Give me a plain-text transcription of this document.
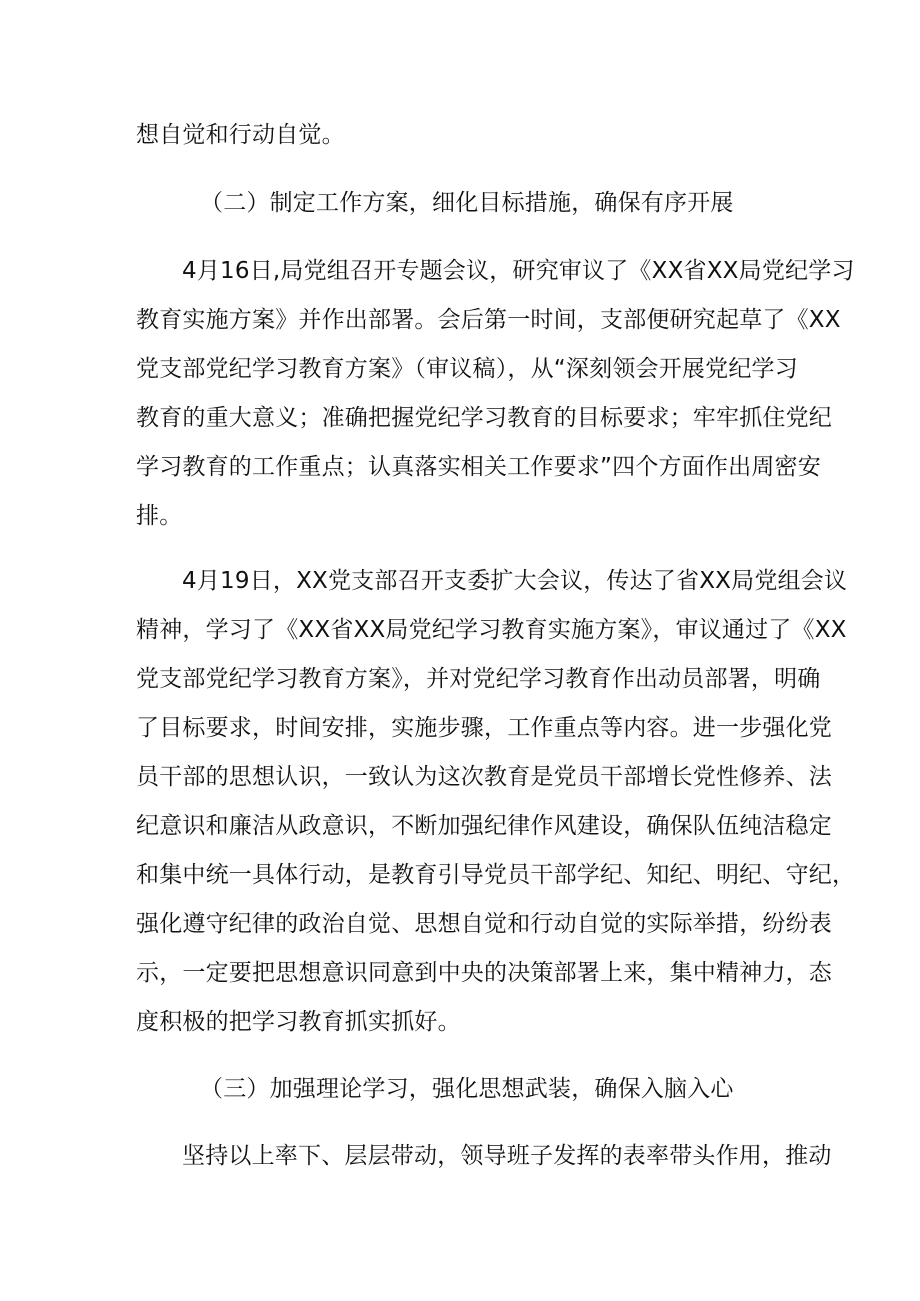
想自觉和行动自觉。
（二）制定工作方案，细化目标措施，确保有序开展
4月16日,局党组召开专题会议，研究审议了《XX省XX局党纪学习
教育实施方案》并作出部署。会后第一时间，支部便研究起草了《XX
党支部党纪学习教育方案》（审议稿），从“深刻领会开展党纪学习
教育的重大意义；准确把握党纪学习教育的目标要求；牢牢抓住党纪
学习教育的工作重点；认真落实相关工作要求”四个方面作出周密安
排。
4月19日，XX党支部召开支委扩大会议，传达了省XX局党组会议
精神，学习了《XX省XX局党纪学习教育实施方案》，审议通过了《XX
党支部党纪学习教育方案》，并对党纪学习教育作出动员部署，明确
了目标要求，时间安排，实施步骤，工作重点等内容。进一步强化党
员干部的思想认识，一致认为这次教育是党员干部增长党性修养、法
纪意识和廉洁从政意识，不断加强纪律作风建设，确保队伍纯洁稳定
和集中统一具体行动，是教育引导党员干部学纪、知纪、明纪、守纪，
强化遵守纪律的政治自觉、思想自觉和行动自觉的实际举措，纷纷表
示，一定要把思想意识同意到中央的决策部署上来，集中精神力，态
度积极的把学习教育抓实抓好。
（三）加强理论学习，强化思想武装，确保入脑入心
坚持以上率下、层层带动，领导班子发挥的表率带头作用，推动
